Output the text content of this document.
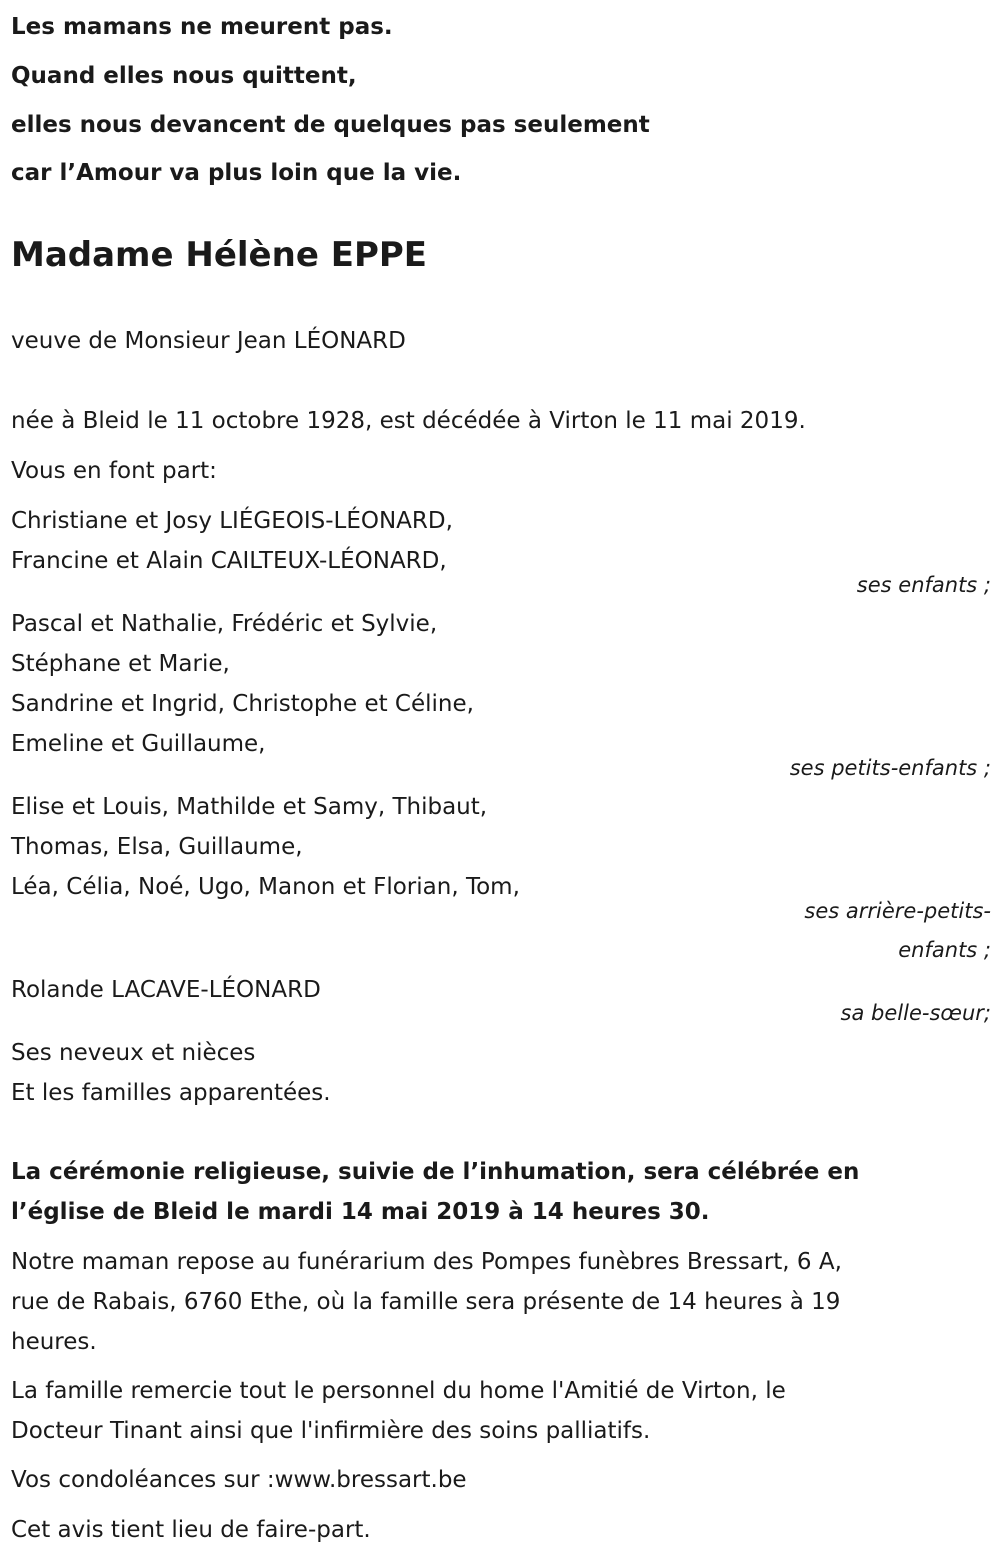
Les mamans ne meurent pas.
Quand elles nous quittent,
elles nous devancent de quelques pas seulement
car l’Amour va plus loin que la vie.
Madame Hélène EPPE
veuve de Monsieur Jean LÉONARD
née à Bleid le 11 octobre 1928, est décédée à Virton le 11 mai 2019.
Vous en font part:
Christiane et Josy LIÉGEOIS-LÉONARD,
Francine et Alain CAILTEUX-LÉONARD,
ses enfants ;
Pascal et Nathalie, Frédéric et Sylvie,
Stéphane et Marie,
Sandrine et Ingrid, Christophe et Céline,
Emeline et Guillaume,
ses petits-enfants ;
Elise et Louis, Mathilde et Samy, Thibaut,
Thomas, Elsa, Guillaume,
Léa, Célia, Noé, Ugo, Manon et Florian, Tom,
ses arrière-petits-
enfants ;
Rolande LACAVE-LÉONARD
sa belle-sœur;
Ses neveux et nièces
Et les familles apparentées.
La cérémonie religieuse, suivie de l’inhumation, sera célébrée en
l’église de Bleid le mardi 14 mai 2019 à 14 heures 30.
Notre maman repose au funérarium des Pompes funèbres Bressart, 6 A,
rue de Rabais, 6760 Ethe, où la famille sera présente de 14 heures à 19
heures.
La famille remercie tout le personnel du home l'Amitié de Virton, le
Docteur Tinant ainsi que l'infirmière des soins palliatifs.
Vos condoléances sur :www.bressart.be
Cet avis tient lieu de faire-part.
